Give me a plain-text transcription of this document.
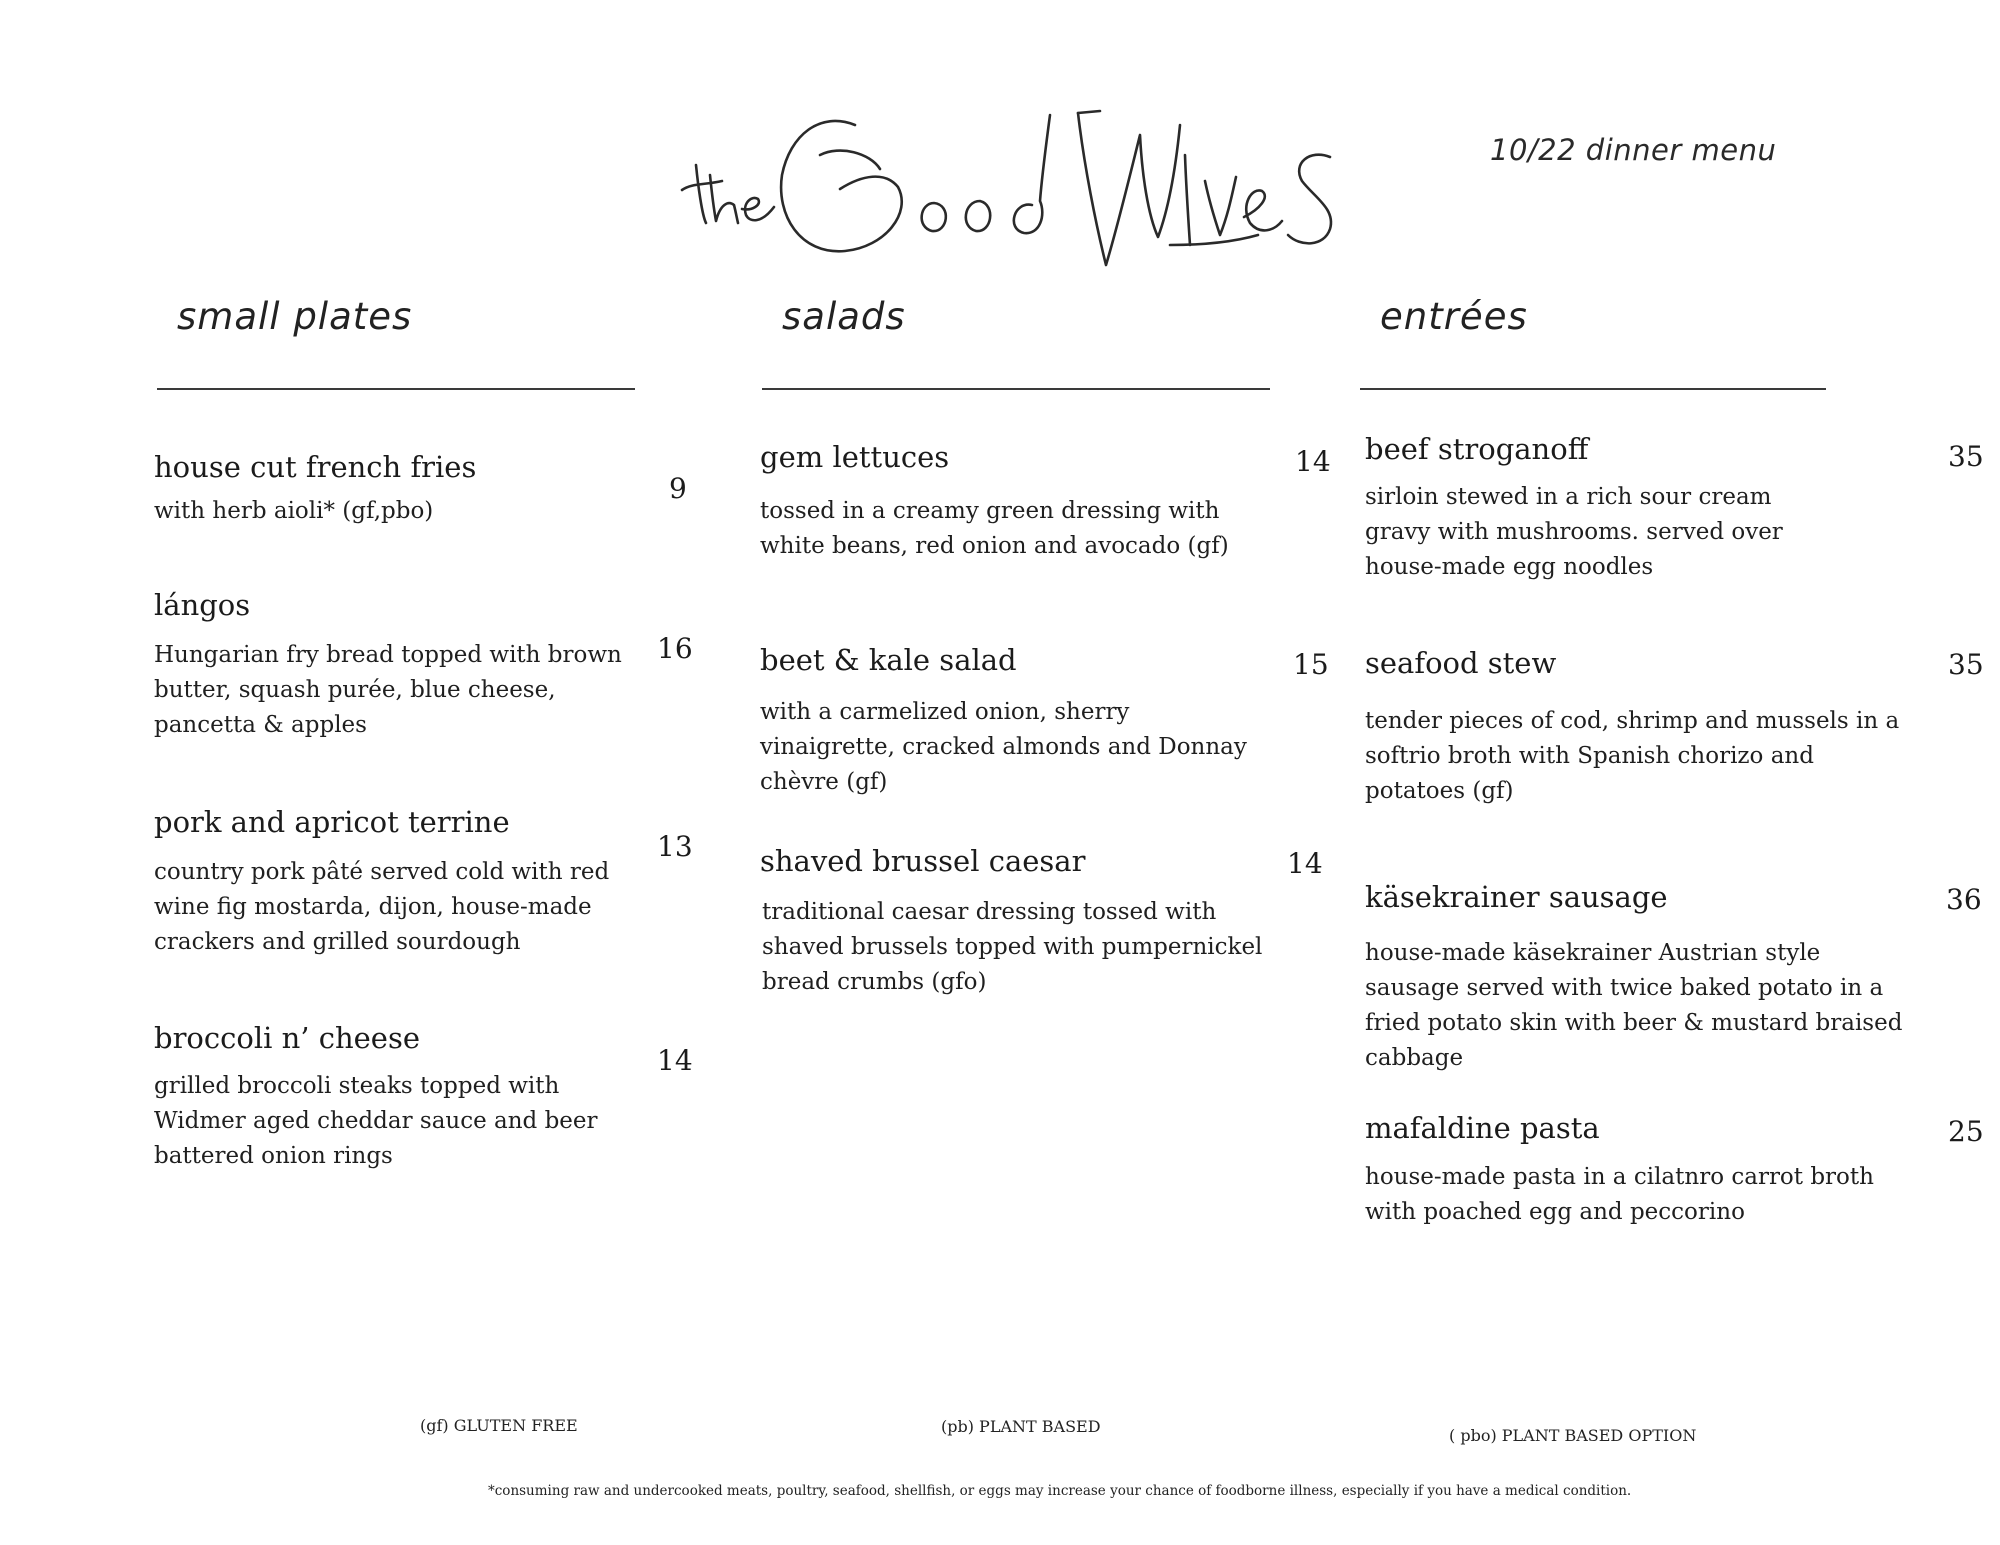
10/22 dinner menu
small plates	salads	entrées
house cut french fries
with herb aioli* (gf,pbo)
9
lángos
Hungarian fry bread topped with brown butter, squash purée, blue cheese, pancetta & apples
16
pork and apricot terrine
country pork pâté served cold with red wine fig mostarda, dijon, house-made crackers and grilled sourdough
13
broccoli n’ cheese
grilled broccoli steaks topped with Widmer aged cheddar sauce and beer battered onion rings
14
gem lettuces
tossed in a creamy green dressing with white beans, red onion and avocado (gf)
14
beet & kale salad
with a carmelized onion, sherry vinaigrette, cracked almonds and Donnay chèvre (gf)
15
shaved brussel caesar
traditional caesar dressing tossed with shaved brussels topped with pumpernickel bread crumbs (gfo)
14
beef stroganoff
sirloin stewed in a rich sour cream gravy with mushrooms. served over house-made egg noodles
35
seafood stew
tender pieces of cod, shrimp and mussels in a softrio broth with Spanish chorizo and potatoes (gf)
35
käsekrainer sausage
house-made käsekrainer Austrian style sausage served with twice baked potato in a fried potato skin with beer & mustard braised cabbage
36
mafaldine pasta
house-made pasta in a cilatnro carrot broth with poached egg and peccorino
25
(gf) GLUTEN FREE	(pb) PLANT BASED	( pbo) PLANT BASED OPTION
*consuming raw and undercooked meats, poultry, seafood, shellfish, or eggs may increase your chance of foodborne illness, especially if you have a medical condition.
